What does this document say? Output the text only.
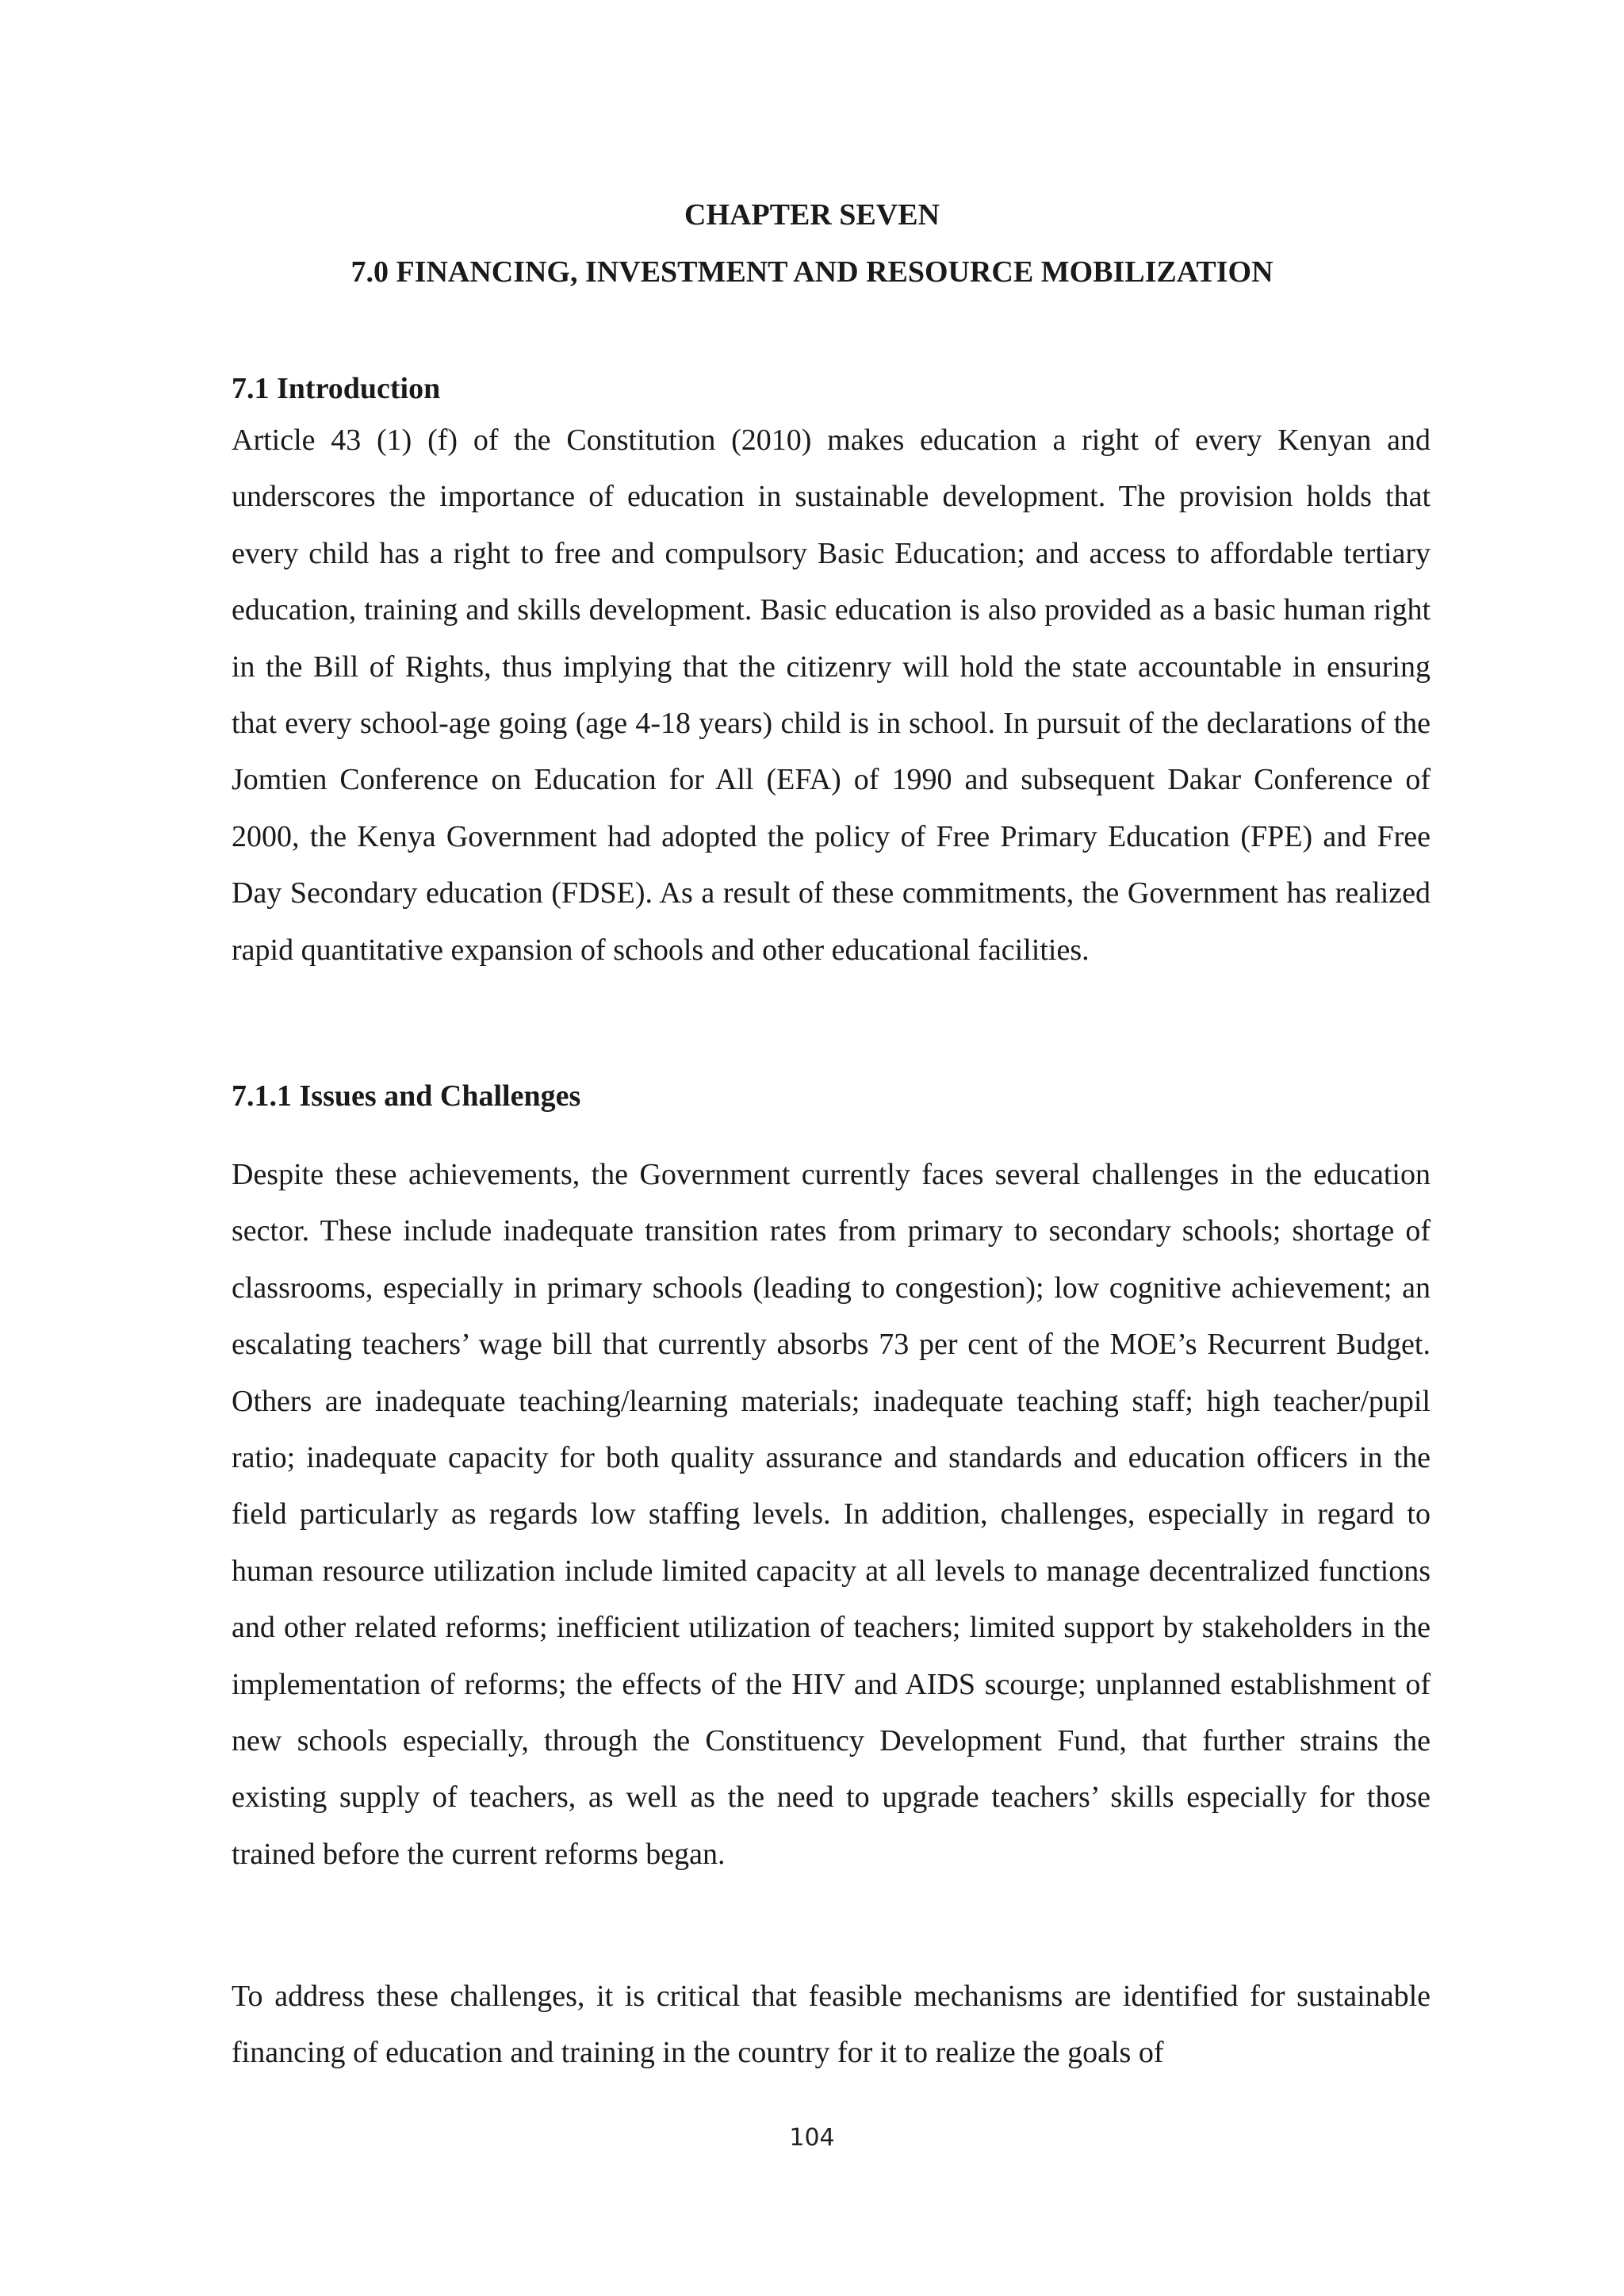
CHAPTER SEVEN
7.0 FINANCING, INVESTMENT AND RESOURCE MOBILIZATION
7.1 Introduction

Article 43 (1) (f) of the Constitution (2010) makes education a right of every Kenyan and underscores the importance of education in sustainable development. The provision holds that every child has a right to free and compulsory Basic Education; and access to affordable tertiary education, training and skills development. Basic education is also provided as a basic human right in the Bill of Rights, thus implying that the citizenry will hold the state accountable in ensuring that every school-age going (age 4-18 years) child is in school. In pursuit of the declarations of the Jomtien Conference on Education for All (EFA) of 1990 and subsequent Dakar Conference of 2000, the Kenya Government had adopted the policy of Free Primary Education (FPE) and Free Day Secondary education (FDSE). As a result of these commitments, the Government has realized rapid quantitative expansion of schools and other educational facilities.

7.1.1 Issues and Challenges

Despite these achievements, the Government currently faces several challenges in the education sector. These include inadequate transition rates from primary to secondary schools; shortage of classrooms, especially in primary schools (leading to congestion); low cognitive achievement; an escalating teachers’ wage bill that currently absorbs 73 per cent of the MOE’s Recurrent Budget. Others are inadequate teaching/learning materials; inadequate teaching staff; high teacher/pupil ratio; inadequate capacity for both quality assurance and standards and education officers in the field particularly as regards low staffing levels. In addition, challenges, especially in regard to human resource utilization include limited capacity at all levels to manage decentralized functions and other related reforms; inefficient utilization of teachers; limited support by stakeholders in the implementation of reforms; the effects of the HIV and AIDS scourge; unplanned establishment of new schools especially, through the Constituency Development Fund, that further strains the existing supply of teachers, as well as the need to upgrade teachers’ skills especially for those trained before the current reforms began.

To address these challenges, it is critical that feasible mechanisms are identified for sustainable financing of education and training in the country for it to realize the goals of

104
